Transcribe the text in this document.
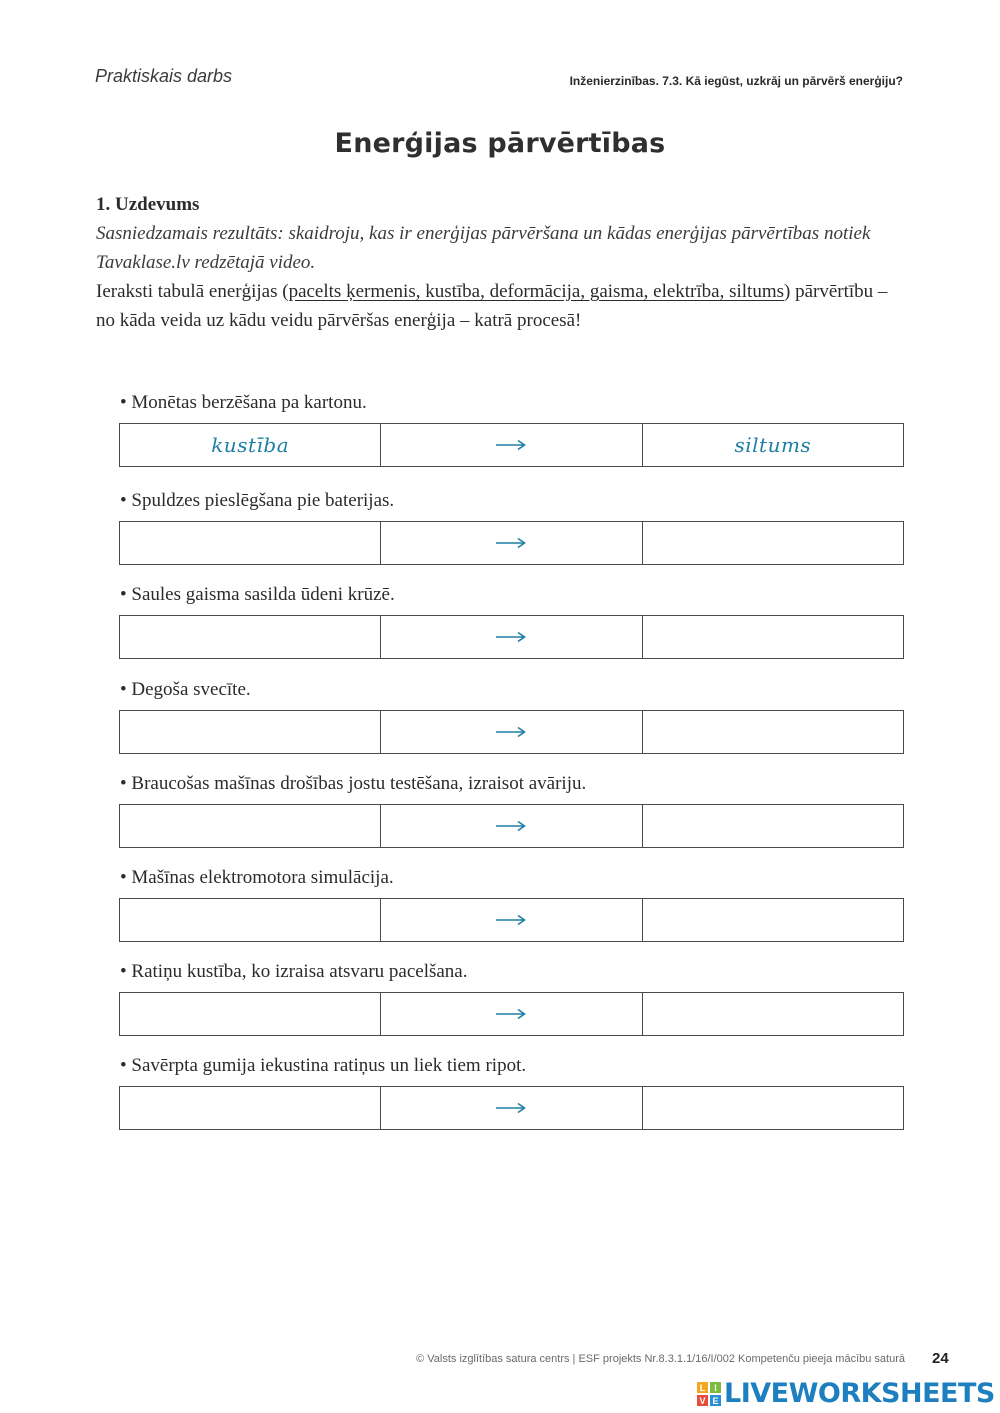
Praktiskais darbs	Inženierzinības. 7.3. Kā iegūst, uzkrāj un pārvērš enerģiju?
Enerģijas pārvērtības
1. Uzdevums
Sasniedzamais rezultāts: skaidroju, kas ir enerģijas pārvēršana un kādas enerģijas pārvērtības notiek Tavaklase.lv redzētajā video.
Ieraksti tabulā enerģijas (pacelts ķermenis, kustība, deformācija, gaisma, elektrība, siltums) pārvērtību – no kāda veida uz kādu veidu pārvēršas enerģija – katrā procesā!
• Monētas berzēšana pa kartonu.
kustība	siltums
• Spuldzes pieslēgšana pie baterijas.
• Saules gaisma sasilda ūdeni krūzē.
• Degoša svecīte.
• Braucošas mašīnas drošības jostu testēšana, izraisot avāriju.
• Mašīnas elektromotora simulācija.
• Ratiņu kustība, ko izraisa atsvaru pacelšana.
• Savērpta gumija iekustina ratiņus un liek tiem ripot.
© Valsts izglītības satura centrs | ESF projekts Nr.8.3.1.1/16/I/002 Kompetenču pieeja mācību saturā 24
L I
V E LIVEWORKSHEETS
